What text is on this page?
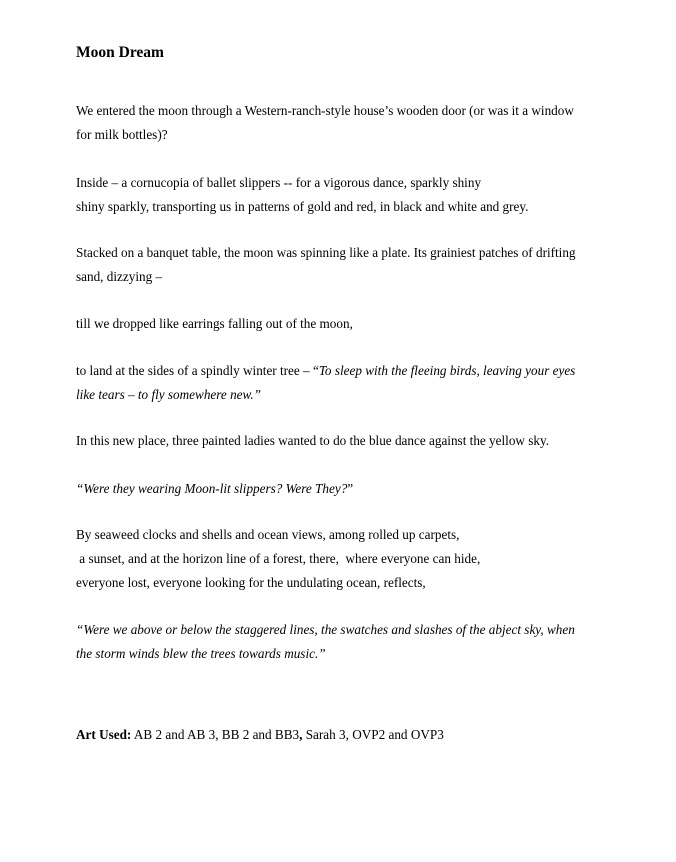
Moon Dream
We entered the moon through a Western-ranch-style house’s wooden door (or was it a window
for milk bottles)?
Inside – a cornucopia of ballet slippers -- for a vigorous dance, sparkly shiny
shiny sparkly, transporting us in patterns of gold and red, in black and white and grey.
Stacked on a banquet table, the moon was spinning like a plate. Its grainiest patches of drifting
sand, dizzying –
till we dropped like earrings falling out of the moon,
to land at the sides of a spindly winter tree – “To sleep with the fleeing birds, leaving your eyes
like tears – to fly somewhere new.”
In this new place, three painted ladies wanted to do the blue dance against the yellow sky.
“Were they wearing Moon-lit slippers? Were They?”
By seaweed clocks and shells and ocean views, among rolled up carpets,
a sunset, and at the horizon line of a forest, there,  where everyone can hide,
everyone lost, everyone looking for the undulating ocean, reflects,
“Were we above or below the staggered lines, the swatches and slashes of the abject sky, when
the storm winds blew the trees towards music.”
Art Used: AB 2 and AB 3, BB 2 and BB3, Sarah 3, OVP2 and OVP3
